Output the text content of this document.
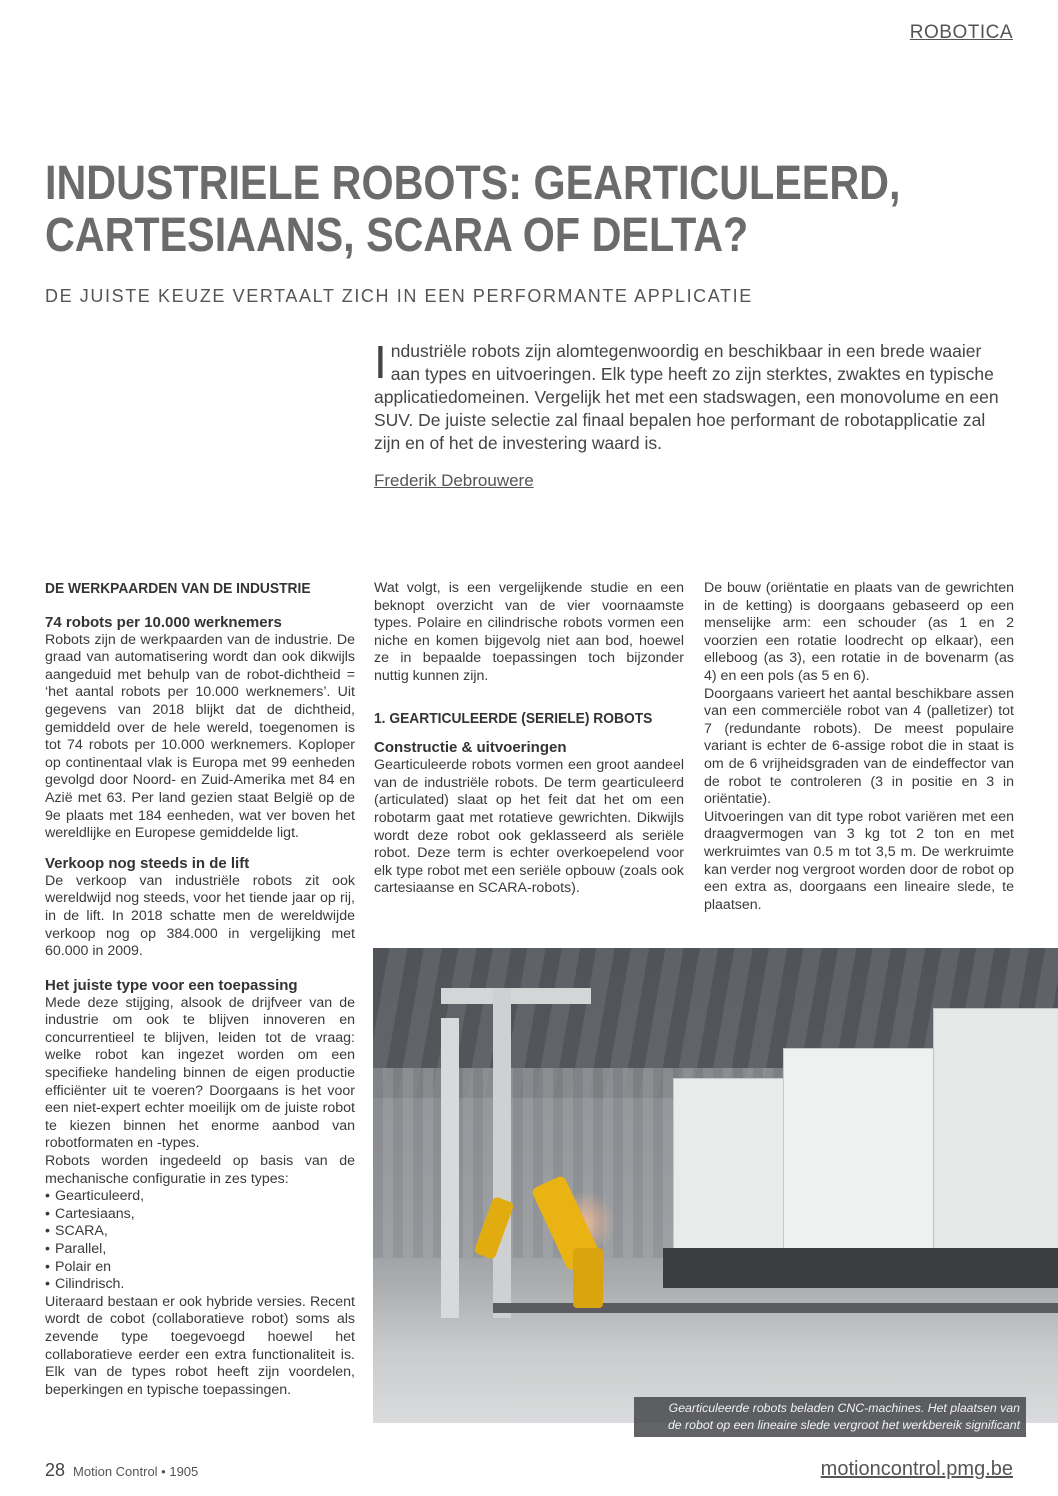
ROBOTICA
INDUSTRIELE ROBOTS: GEARTICULEERD,
CARTESIAANS, SCARA OF DELTA?
DE JUISTE KEUZE VERTAALT ZICH IN EEN PERFORMANTE APPLICATIE

Industriële robots zijn alomtegenwoordig en beschikbaar in een brede waaier aan types en uitvoeringen. Elk type heeft zo zijn sterktes, zwaktes en typische applicatiedomeinen. Vergelijk het met een stadswagen, een monovolume en een SUV. De juiste selectie zal finaal bepalen hoe performant de robotapplicatie zal zijn en of het de investering waard is.

Frederik Debrouwere
DE WERKPAARDEN VAN DE INDUSTRIE
74 robots per 10.000 werknemers

Robots zijn de werkpaarden van de industrie. De graad van automatisering wordt dan ook dikwijls aangeduid met behulp van de robot-dichtheid = ‘het aantal robots per 10.000 werknemers’. Uit gegevens van 2018 blijkt dat de dichtheid, gemiddeld over de hele wereld, toegenomen is tot 74 robots per 10.000 werknemers. Koploper op continentaal vlak is Europa met 99 eenheden gevolgd door Noord- en Zuid-Amerika met 84 en Azië met 63. Per land gezien staat België op de 9e plaats met 184 eenheden, wat ver boven het wereldlijke en Europese gemiddelde ligt.

Verkoop nog steeds in de lift

De verkoop van industriële robots zit ook wereldwijd nog steeds, voor het tiende jaar op rij, in de lift. In 2018 schatte men de wereldwijde verkoop nog op 384.000 in vergelijking met 60.000 in 2009.

Het juiste type voor een toepassing

Mede deze stijging, alsook de drijfveer van de industrie om ook te blijven innoveren en concurrentieel te blijven, leiden tot de vraag: welke robot kan ingezet worden om een specifieke handeling binnen de eigen productie efficiënter uit te voeren? Doorgaans is het voor een niet-expert echter moeilijk om de juiste robot te kiezen binnen het enorme aanbod van robotformaten en -types.

Robots worden ingedeeld op basis van de mechanische configuratie in zes types:

• Gearticuleerd,
• Cartesiaans,
• SCARA,
• Parallel,
• Polair en
• Cilindrisch.

Uiteraard bestaan er ook hybride versies. Recent wordt de cobot (collaboratieve robot) soms als zevende type toegevoegd hoewel het collaboratieve eerder een extra functionaliteit is. Elk van de types robot heeft zijn voordelen, beperkingen en typische toepassingen.

Wat volgt, is een vergelijkende studie en een beknopt overzicht van de vier voornaamste types. Polaire en cilindrische robots vormen een niche en komen bijgevolg niet aan bod, hoewel ze in bepaalde toepassingen toch bijzonder nuttig kunnen zijn.

1. GEARTICULEERDE (SERIELE) ROBOTS
Constructie & uitvoeringen

Gearticuleerde robots vormen een groot aandeel van de industriële robots. De term gearticuleerd (articulated) slaat op het feit dat het om een robotarm gaat met rotatieve gewrichten. Dikwijls wordt deze robot ook geklasseerd als seriële robot. Deze term is echter overkoepelend voor elk type robot met een seriële opbouw (zoals ook cartesiaanse en SCARA-robots).

De bouw (oriëntatie en plaats van de gewrichten in de ketting) is doorgaans gebaseerd op een menselijke arm: een schouder (as 1 en 2 voorzien een rotatie loodrecht op elkaar), een elleboog (as 3), een rotatie in de bovenarm (as 4) en een pols (as 5 en 6).

Doorgaans varieert het aantal beschikbare assen van een commerciële robot van 4 (palletizer) tot 7 (redundante robots). De meest populaire variant is echter de 6-assige robot die in staat is om de 6 vrijheidsgraden van de eindeffector van de robot te controleren (3 in positie en 3 in oriëntatie).

Uitvoeringen van dit type robot variëren met een draagvermogen van 3 kg tot 2 ton en met werkruimtes van 0.5 m tot 3,5 m. De werkruimte kan verder nog vergroot worden door de robot op een extra as, doorgaans een lineaire slede, te plaatsen.

Gearticuleerde robots beladen CNC-machines. Het plaatsen van
de robot op een lineaire slede vergroot het werkbereik significant
28 Motion Control • 1905	motioncontrol.pmg.be
